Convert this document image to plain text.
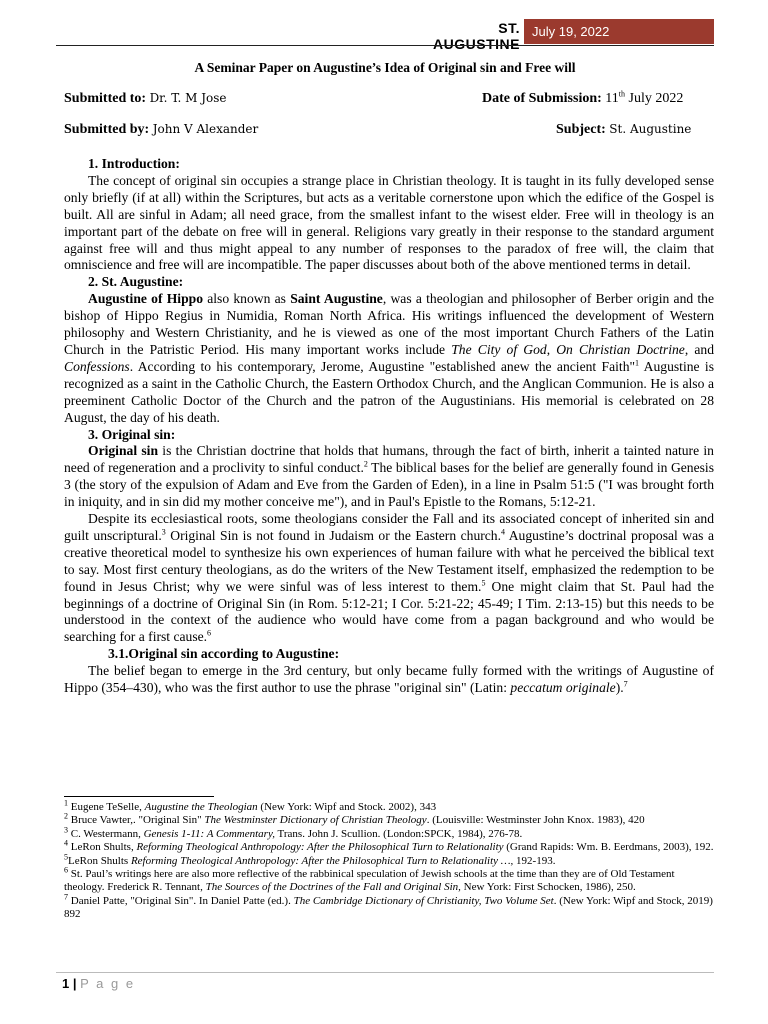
ST. AUGUSTINE
July 19, 2022
A Seminar Paper on Augustine’s Idea of Original sin and Free will
Submitted to: Dr. T. M Jose	Date of Submission: 11th July 2022
Submitted by: John V Alexander	Subject: St. Augustine

1. Introduction:

The concept of original sin occupies a strange place in Christian theology. It is taught in its fully developed sense only briefly (if at all) within the Scriptures, but acts as a veritable cornerstone upon which the edifice of the Gospel is built. All are sinful in Adam; all need grace, from the smallest infant to the wisest elder. Free will in theology is an important part of the debate on free will in general. Religions vary greatly in their response to the standard argument against free will and thus might appeal to any number of responses to the paradox of free will, the claim that omniscience and free will are incompatible. The paper discusses about both of the above mentioned terms in detail.

2. St. Augustine:

Augustine of Hippo also known as Saint Augustine, was a theologian and philosopher of Berber origin and the bishop of Hippo Regius in Numidia, Roman North Africa. His writings influenced the development of Western philosophy and Western Christianity, and he is viewed as one of the most important Church Fathers of the Latin Church in the Patristic Period. His many important works include The City of God, On Christian Doctrine, and Confessions. According to his contemporary, Jerome, Augustine "established anew the ancient Faith"$^1$ Augustine is recognized as a saint in the Catholic Church, the Eastern Orthodox Church, and the Anglican Communion. He is also a preeminent Catholic Doctor of the Church and the patron of the Augustinians. His memorial is celebrated on 28 August, the day of his death.

3. Original sin:

Original sin is the Christian doctrine that holds that humans, through the fact of birth, inherit a tainted nature in need of regeneration and a proclivity to sinful conduct.$^2$ The biblical bases for the belief are generally found in Genesis 3 (the story of the expulsion of Adam and Eve from the Garden of Eden), in a line in Psalm 51:5 ("I was brought forth in iniquity, and in sin did my mother conceive me"), and in Paul's Epistle to the Romans, 5:12-21.

Despite its ecclesiastical roots, some theologians consider the Fall and its associated concept of inherited sin and guilt unscriptural.$^3$ Original Sin is not found in Judaism or the Eastern church.$^4$ Augustine’s doctrinal proposal was a creative theoretical model to synthesize his own experiences of human failure with what he perceived the biblical text to say. Most first century theologians, as do the writers of the New Testament itself, emphasized the redemption to be found in Jesus Christ; why we were sinful was of less interest to them.$^5$ One might claim that St. Paul had the beginnings of a doctrine of Original Sin (in Rom. 5:12-21; I Cor. 5:21-22; 45-49; I Tim. 2:13-15) but this needs to be understood in the context of the audience who would have come from a pagan background and who would be searching for a first cause.$^6$

3.1.Original sin according to Augustine:

The belief began to emerge in the 3rd century, but only became fully formed with the writings of Augustine of Hippo (354–430), who was the first author to use the phrase "original sin" (Latin: peccatum originale).$^7$

$^1$ Eugene TeSelle, Augustine the Theologian (New York: Wipf and Stock. 2002), 343

$^2$ Bruce Vawter,. "Original Sin" The Westminster Dictionary of Christian Theology. (Louisville: Westminster John Knox. 1983), 420

$^3$ C. Westermann, Genesis 1-11: A Commentary, Trans. John J. Scullion. (London:SPCK, 1984), 276-78.

$^4$ LeRon Shults, Reforming Theological Anthropology: After the Philosophical Turn to Relationality (Grand Rapids: Wm. B. Eerdmans, 2003), 192.

$^5$LeRon Shults Reforming Theological Anthropology: After the Philosophical Turn to Relationality …, 192-193.

$^6$ St. Paul’s writings here are also more reflective of the rabbinical speculation of Jewish schools at the time than they are of Old Testament theology. Frederick R. Tennant, The Sources of the Doctrines of the Fall and Original Sin, New York: First Schocken, 1986), 250.

$^7$ Daniel Patte, "Original Sin". In Daniel Patte (ed.). The Cambridge Dictionary of Christianity, Two Volume Set. (New York: Wipf and Stock, 2019) 892

1 | P a g e
